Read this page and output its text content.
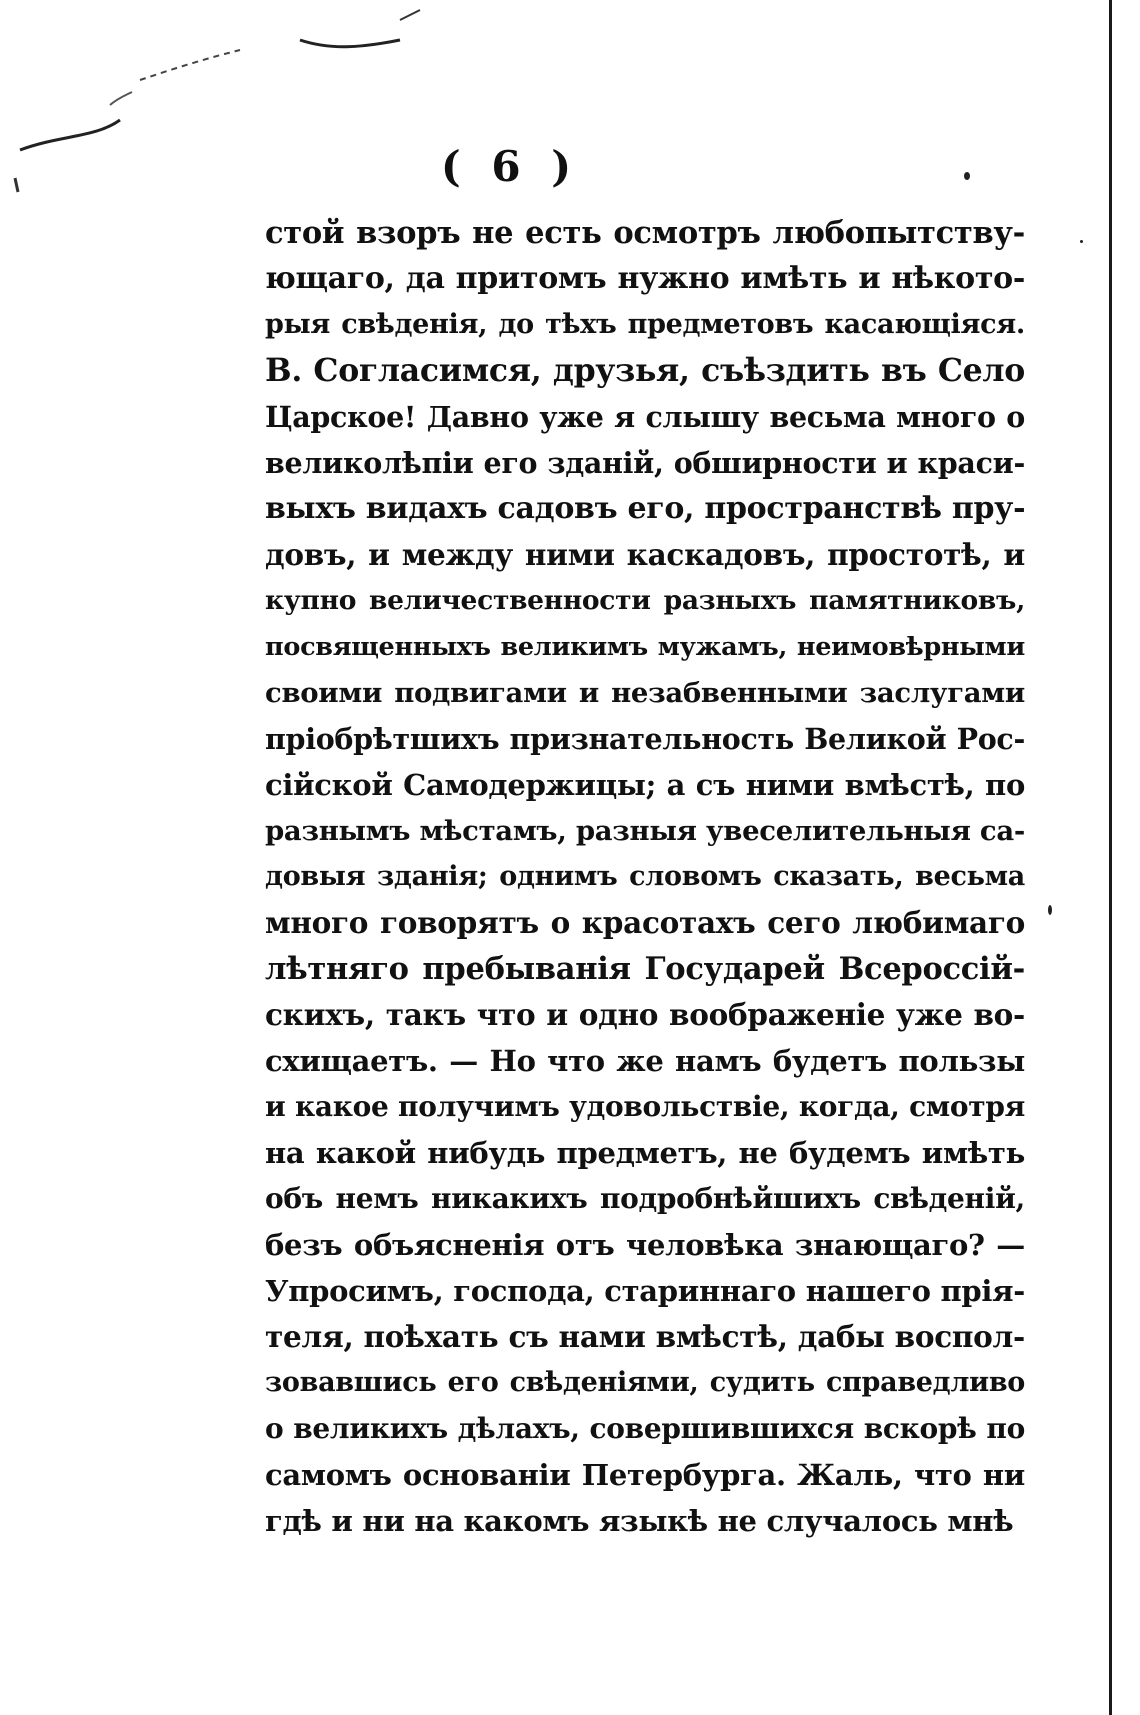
( 6 )
стой взоръ не есть осмотръ любопытству-
ющаго, да притомъ нужно имѣть и нѣкото-
рыя свѣденія, до тѣхъ предметовъ касающіяся.
В. Согласимся, друзья, съѣздить въ Село
Царское! Давно уже я слышу весьма много о
великолѣпіи его зданій, обширности и краси-
выхъ видахъ садовъ его, пространствѣ пру-
довъ, и между ними каскадовъ, простотѣ, и
купно величественности разныхъ памятниковъ,
посвященныхъ великимъ мужамъ, неимовѣрными
своими подвигами и незабвенными заслугами
пріобрѣтшихъ признательность Великой Рос-
сійской Самодержицы; а съ ними вмѣстѣ, по
разнымъ мѣстамъ, разныя увеселительныя са-
довыя зданія; однимъ словомъ сказать, весьма
много говорятъ о красотахъ сего любимаго
лѣтняго пребыванія Государей Всероссій-
скихъ, такъ что и одно воображеніе уже во-
схищаетъ. — Но что же намъ будетъ пользы
и какое получимъ удовольствіе, когда, смотря
на какой нибудь предметъ, не будемъ имѣть
объ немъ никакихъ подробнѣйшихъ свѣденій,
безъ объясненія отъ человѣка знающаго? —
Упросимъ, господа, стариннаго нашего прія-
теля, поѣхать съ нами вмѣстѣ, дабы воспол-
зовавшись его свѣденіями, судить справедливо
о великихъ дѣлахъ, совершившихся вскорѣ по
самомъ основаніи Петербурга. Жаль, что ни
гдѣ и ни на какомъ языкѣ не случалось мнѣ
